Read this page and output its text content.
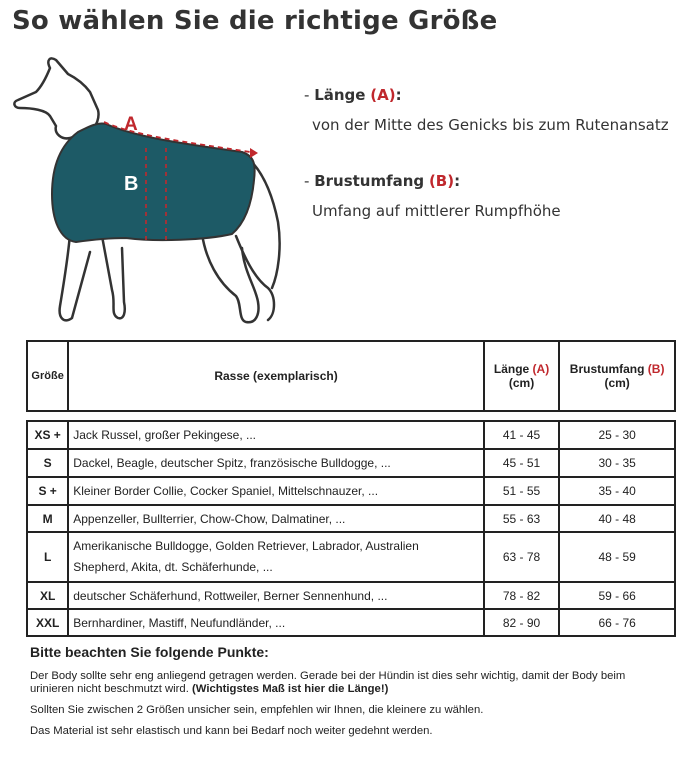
So wählen Sie die richtige Größe
A
B
- Länge (A):
von der Mitte des Genicks bis zum Rutenansatz
- Brustumfang (B):
Umfang auf mittlerer Rumpfhöhe
Größe	Rasse (exemplarisch)	Länge (A)
(cm)	Brustumfang (B)
(cm)
XS +	Jack Russel, großer Pekingese, ...	41 - 45	25 - 30
S	Dackel, Beagle, deutscher Spitz, französische Bulldogge, ...	45 - 51	30 - 35
S +	Kleiner Border Collie, Cocker Spaniel, Mittelschnauzer, ...	51 - 55	35 - 40
M	Appenzeller, Bullterrier, Chow-Chow, Dalmatiner, ...	55 - 63	40 - 48
L	Amerikanische Bulldogge, Golden Retriever, Labrador, Australien
Shepherd, Akita, dt. Schäferhunde, ...	63 - 78	48 - 59
XL	deutscher Schäferhund, Rottweiler, Berner Sennenhund, ...	78 - 82	59 - 66
XXL	Bernhardiner, Mastiff, Neufundländer, ...	82 - 90	66 - 76
Bitte beachten Sie folgende Punkte:

Der Body sollte sehr eng anliegend getragen werden. Gerade bei der Hündin ist dies sehr wichtig, damit der Body beim urinieren nicht beschmutzt wird. (Wichtigstes Maß ist hier die Länge!)

Sollten Sie zwischen 2 Größen unsicher sein, empfehlen wir Ihnen, die kleinere zu wählen.

Das Material ist sehr elastisch und kann bei Bedarf noch weiter gedehnt werden.
